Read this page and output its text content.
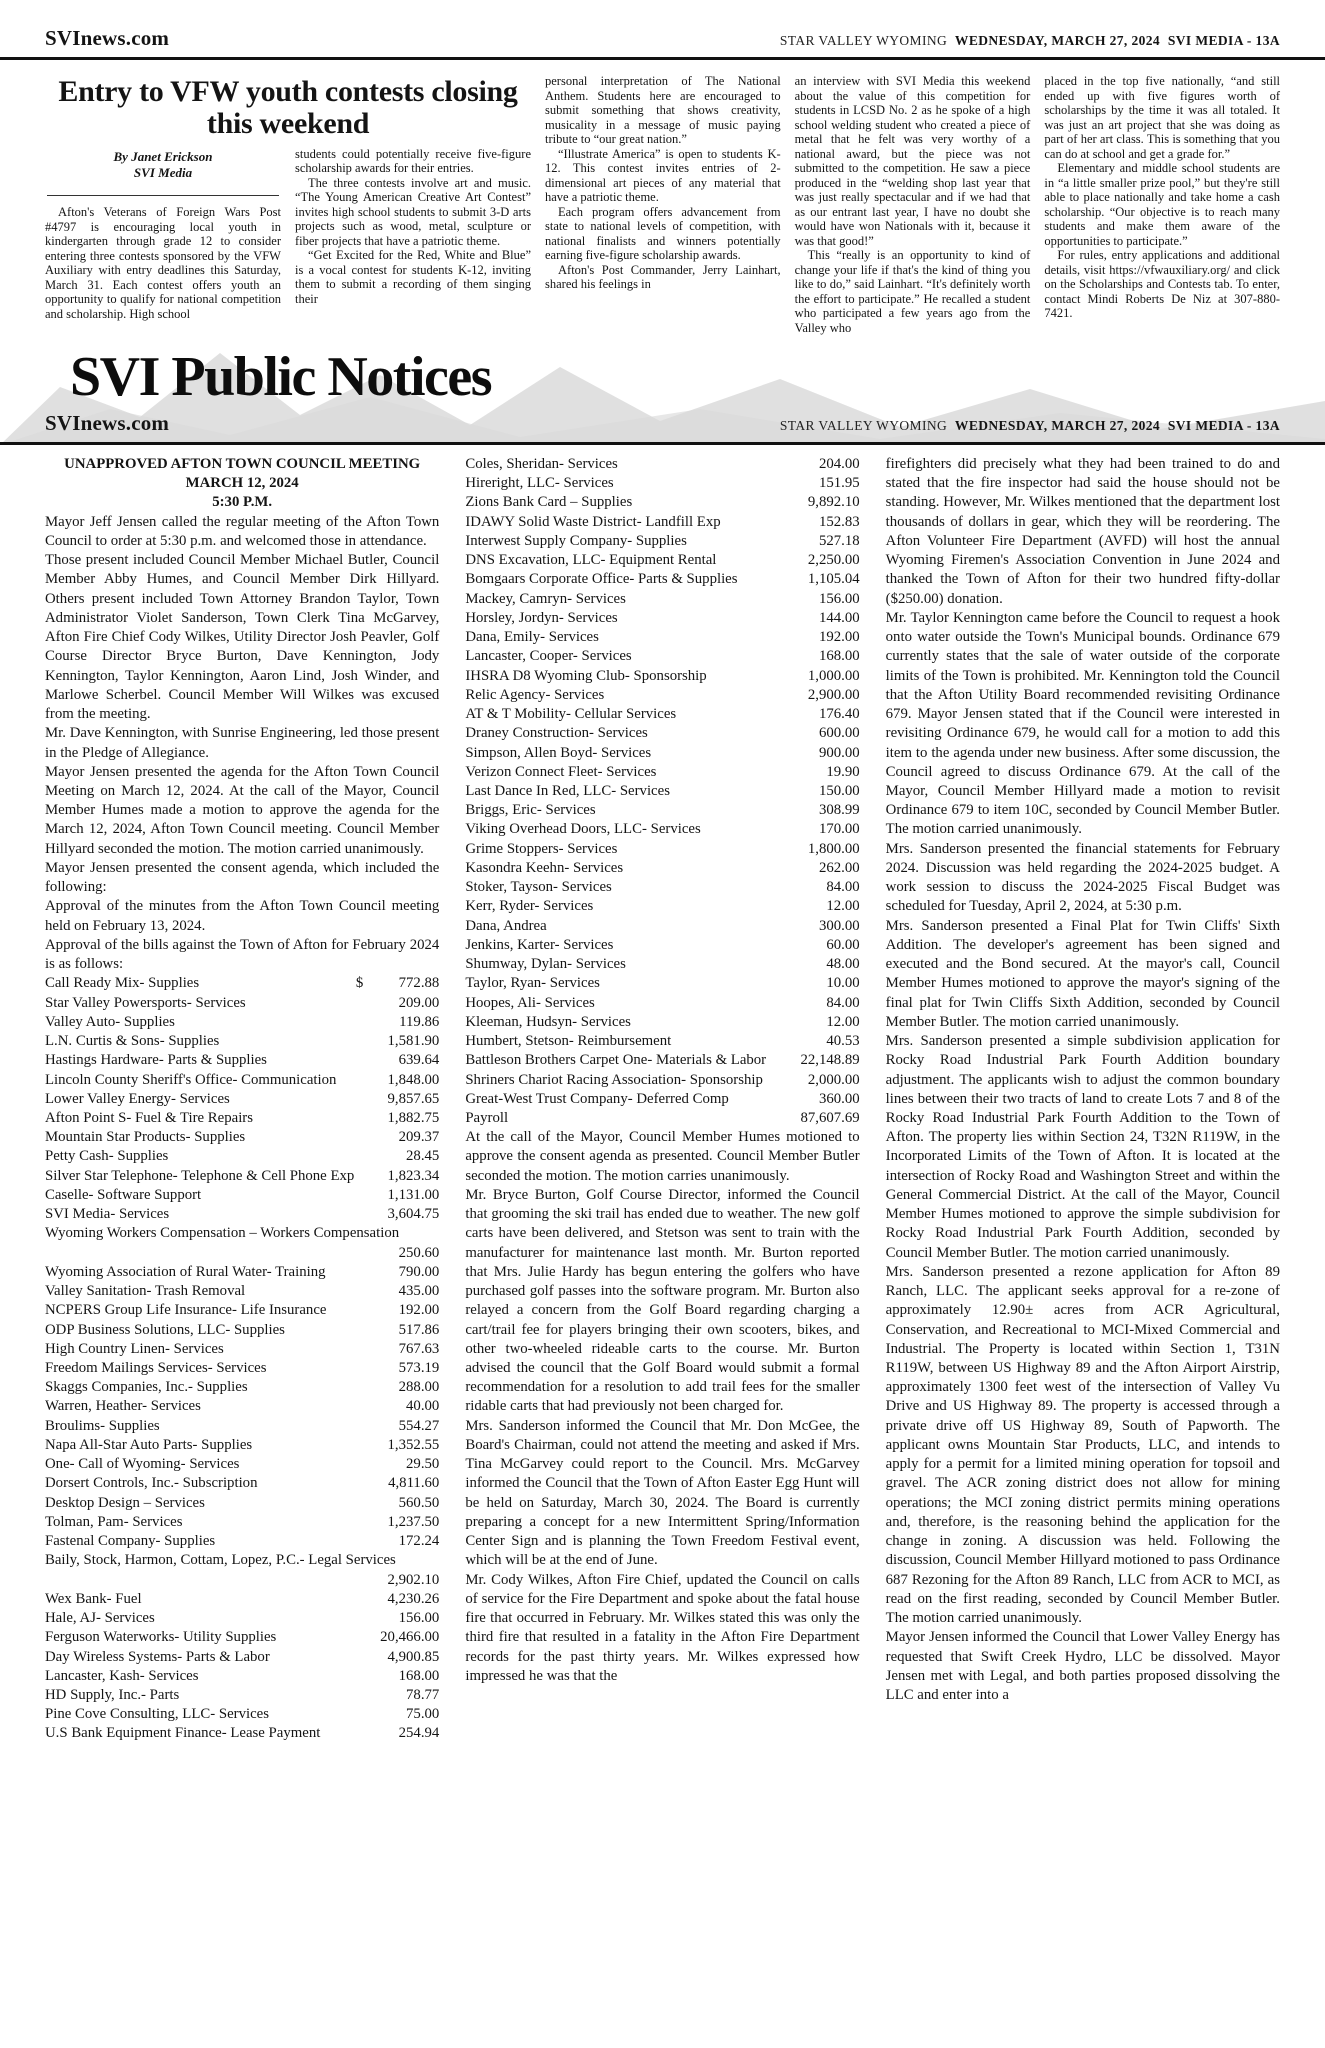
SVInews.com	STAR VALLEY WYOMING WEDNESDAY, MARCH 27, 2024 SVI MEDIA - 13A
Entry to VFW youth contests closing this weekend
By Janet Erickson
SVI Media

Afton's Veterans of Foreign Wars Post #4797 is encouraging local youth in kindergarten through grade 12 to consider entering three contests sponsored by the VFW Auxiliary with entry deadlines this Saturday, March 31. Each contest offers youth an opportunity to qualify for national competition and scholarship. High school

students could potentially receive five-figure scholarship awards for their entries.

The three contests involve art and music. “The Young American Creative Art Contest” invites high school students to submit 3-D arts projects such as wood, metal, sculpture or fiber projects that have a patriotic theme.

“Get Excited for the Red, White and Blue” is a vocal contest for students K-12, inviting them to submit a recording of them singing their

personal interpretation of The National Anthem. Students here are encouraged to submit something that shows creativity, musicality in a message of music paying tribute to “our great nation.”

“Illustrate America” is open to students K-12. This contest invites entries of 2-dimensional art pieces of any material that have a patriotic theme.

Each program offers advancement from state to national levels of competition, with national finalists and winners potentially earning five-figure scholarship awards.

Afton's Post Commander, Jerry Lainhart, shared his feelings in

an interview with SVI Media this weekend about the value of this competition for students in LCSD No. 2 as he spoke of a high school welding student who created a piece of metal that he felt was very worthy of a national award, but the piece was not submitted to the competition. He saw a piece produced in the “welding shop last year that was just really spectacular and if we had that as our entrant last year, I have no doubt she would have won Nationals with it, because it was that good!”

This “really is an opportunity to kind of change your life if that's the kind of thing you like to do,” said Lainhart. “It's definitely worth the effort to participate.” He recalled a student who participated a few years ago from the Valley who

placed in the top five nationally, “and still ended up with five figures worth of scholarships by the time it was all totaled. It was just an art project that she was doing as part of her art class. This is something that you can do at school and get a grade for.”

Elementary and middle school students are in “a little smaller prize pool,” but they're still able to place nationally and take home a cash scholarship. “Our objective is to reach many students and make them aware of the opportunities to participate.”

For rules, entry applications and additional details, visit https://vfwauxiliary.org/ and click on the Scholarships and Contests tab. To enter, contact Mindi Roberts De Niz at 307-880-7421.

SVI Public Notices
SVInews.com	STAR VALLEY WYOMING WEDNESDAY, MARCH 27, 2024 SVI MEDIA - 13A
UNAPPROVED AFTON TOWN COUNCIL MEETING
MARCH 12, 2024
5:30 P.M.

Mayor Jeff Jensen called the regular meeting of the Afton Town Council to order at 5:30 p.m. and welcomed those in attendance.

Those present included Council Member Michael Butler, Council Member Abby Humes, and Council Member Dirk Hillyard. Others present included Town Attorney Brandon Taylor, Town Administrator Violet Sanderson, Town Clerk Tina McGarvey, Afton Fire Chief Cody Wilkes, Utility Director Josh Peavler, Golf Course Director Bryce Burton, Dave Kennington, Jody Kennington, Taylor Kennington, Aaron Lind, Josh Winder, and Marlowe Scherbel. Council Member Will Wilkes was excused from the meeting.

Mr. Dave Kennington, with Sunrise Engineering, led those present in the Pledge of Allegiance.

Mayor Jensen presented the agenda for the Afton Town Council Meeting on March 12, 2024. At the call of the Mayor, Council Member Humes made a motion to approve the agenda for the March 12, 2024, Afton Town Council meeting. Council Member Hillyard seconded the motion. The motion carried unanimously.

Mayor Jensen presented the consent agenda, which included the following:

Approval of the minutes from the Afton Town Council meeting held on February 13, 2024.

Approval of the bills against the Town of Afton for February 2024 is as follows:

Call Ready Mix- Supplies	$	772.88
Star Valley Powersports- Services	209.00
Valley Auto- Supplies	119.86
L.N. Curtis & Sons- Supplies	1,581.90
Hastings Hardware- Parts & Supplies	639.64
Lincoln County Sheriff's Office- Communication	1,848.00
Lower Valley Energy- Services	9,857.65
Afton Point S- Fuel & Tire Repairs	1,882.75
Mountain Star Products- Supplies	209.37
Petty Cash- Supplies	28.45
Silver Star Telephone- Telephone & Cell Phone Exp	1,823.34
Caselle- Software Support	1,131.00
SVI Media- Services	3,604.75
Wyoming Workers Compensation – Workers Compensation
250.60
Wyoming Association of Rural Water- Training	790.00
Valley Sanitation- Trash Removal	435.00
NCPERS Group Life Insurance- Life Insurance	192.00
ODP Business Solutions, LLC- Supplies	517.86
High Country Linen- Services	767.63
Freedom Mailings Services- Services	573.19
Skaggs Companies, Inc.- Supplies	288.00
Warren, Heather- Services	40.00
Broulims- Supplies	554.27
Napa All-Star Auto Parts- Supplies	1,352.55
One- Call of Wyoming- Services	29.50
Dorsert Controls, Inc.- Subscription	4,811.60
Desktop Design – Services	560.50
Tolman, Pam- Services	1,237.50
Fastenal Company- Supplies	172.24
Baily, Stock, Harmon, Cottam, Lopez, P.C.- Legal Services
2,902.10
Wex Bank- Fuel	4,230.26
Hale, AJ- Services	156.00
Ferguson Waterworks- Utility Supplies	20,466.00
Day Wireless Systems- Parts & Labor	4,900.85
Lancaster, Kash- Services	168.00
HD Supply, Inc.- Parts	78.77
Pine Cove Consulting, LLC- Services	75.00
U.S Bank Equipment Finance- Lease Payment	254.94
Coles, Sheridan- Services	204.00
Hireright, LLC- Services	151.95
Zions Bank Card – Supplies	9,892.10
IDAWY Solid Waste District- Landfill Exp	152.83
Interwest Supply Company- Supplies	527.18
DNS Excavation, LLC- Equipment Rental	2,250.00
Bomgaars Corporate Office- Parts & Supplies	1,105.04
Mackey, Camryn- Services	156.00
Horsley, Jordyn- Services	144.00
Dana, Emily- Services	192.00
Lancaster, Cooper- Services	168.00
IHSRA D8 Wyoming Club- Sponsorship	1,000.00
Relic Agency- Services	2,900.00
AT & T Mobility- Cellular Services	176.40
Draney Construction- Services	600.00
Simpson, Allen Boyd- Services	900.00
Verizon Connect Fleet- Services	19.90
Last Dance In Red, LLC- Services	150.00
Briggs, Eric- Services	308.99
Viking Overhead Doors, LLC- Services	170.00
Grime Stoppers- Services	1,800.00
Kasondra Keehn- Services	262.00
Stoker, Tayson- Services	84.00
Kerr, Ryder- Services	12.00
Dana, Andrea	300.00
Jenkins, Karter- Services	60.00
Shumway, Dylan- Services	48.00
Taylor, Ryan- Services	10.00
Hoopes, Ali- Services	84.00
Kleeman, Hudsyn- Services	12.00
Humbert, Stetson- Reimbursement	40.53
Battleson Brothers Carpet One- Materials & Labor	22,148.89
Shriners Chariot Racing Association- Sponsorship	2,000.00
Great-West Trust Company- Deferred Comp	360.00
Payroll	87,607.69

At the call of the Mayor, Council Member Humes motioned to approve the consent agenda as presented. Council Member Butler seconded the motion. The motion carries unanimously.

Mr. Bryce Burton, Golf Course Director, informed the Council that grooming the ski trail has ended due to weather. The new golf carts have been delivered, and Stetson was sent to train with the manufacturer for maintenance last month. Mr. Burton reported that Mrs. Julie Hardy has begun entering the golfers who have purchased golf passes into the software program. Mr. Burton also relayed a concern from the Golf Board regarding charging a cart/trail fee for players bringing their own scooters, bikes, and other two-wheeled rideable carts to the course. Mr. Burton advised the council that the Golf Board would submit a formal recommendation for a resolution to add trail fees for the smaller ridable carts that had previously not been charged for.

Mrs. Sanderson informed the Council that Mr. Don McGee, the Board's Chairman, could not attend the meeting and asked if Mrs. Tina McGarvey could report to the Council. Mrs. McGarvey informed the Council that the Town of Afton Easter Egg Hunt will be held on Saturday, March 30, 2024. The Board is currently preparing a concept for a new Intermittent Spring/Information Center Sign and is planning the Town Freedom Festival event, which will be at the end of June.

Mr. Cody Wilkes, Afton Fire Chief, updated the Council on calls of service for the Fire Department and spoke about the fatal house fire that occurred in February. Mr. Wilkes stated this was only the third fire that resulted in a fatality in the Afton Fire Department records for the past thirty years. Mr. Wilkes expressed how impressed he was that the

firefighters did precisely what they had been trained to do and stated that the fire inspector had said the house should not be standing. However, Mr. Wilkes mentioned that the department lost thousands of dollars in gear, which they will be reordering. The Afton Volunteer Fire Department (AVFD) will host the annual Wyoming Firemen's Association Convention in June 2024 and thanked the Town of Afton for their two hundred fifty-dollar ($250.00) donation.

Mr. Taylor Kennington came before the Council to request a hook onto water outside the Town's Municipal bounds. Ordinance 679 currently states that the sale of water outside of the corporate limits of the Town is prohibited. Mr. Kennington told the Council that the Afton Utility Board recommended revisiting Ordinance 679. Mayor Jensen stated that if the Council were interested in revisiting Ordinance 679, he would call for a motion to add this item to the agenda under new business. After some discussion, the Council agreed to discuss Ordinance 679. At the call of the Mayor, Council Member Hillyard made a motion to revisit Ordinance 679 to item 10C, seconded by Council Member Butler. The motion carried unanimously.

Mrs. Sanderson presented the financial statements for February 2024. Discussion was held regarding the 2024-2025 budget. A work session to discuss the 2024-2025 Fiscal Budget was scheduled for Tuesday, April 2, 2024, at 5:30 p.m.

Mrs. Sanderson presented a Final Plat for Twin Cliffs' Sixth Addition. The developer's agreement has been signed and executed and the Bond secured. At the mayor's call, Council Member Humes motioned to approve the mayor's signing of the final plat for Twin Cliffs Sixth Addition, seconded by Council Member Butler. The motion carried unanimously.

Mrs. Sanderson presented a simple subdivision application for Rocky Road Industrial Park Fourth Addition boundary adjustment. The applicants wish to adjust the common boundary lines between their two tracts of land to create Lots 7 and 8 of the Rocky Road Industrial Park Fourth Addition to the Town of Afton. The property lies within Section 24, T32N R119W, in the Incorporated Limits of the Town of Afton. It is located at the intersection of Rocky Road and Washington Street and within the General Commercial District. At the call of the Mayor, Council Member Humes motioned to approve the simple subdivision for Rocky Road Industrial Park Fourth Addition, seconded by Council Member Butler. The motion carried unanimously.

Mrs. Sanderson presented a rezone application for Afton 89 Ranch, LLC. The applicant seeks approval for a re-zone of approximately 12.90± acres from ACR Agricultural, Conservation, and Recreational to MCI-Mixed Commercial and Industrial. The Property is located within Section 1, T31N R119W, between US Highway 89 and the Afton Airport Airstrip, approximately 1300 feet west of the intersection of Valley Vu Drive and US Highway 89. The property is accessed through a private drive off US Highway 89, South of Papworth. The applicant owns Mountain Star Products, LLC, and intends to apply for a permit for a limited mining operation for topsoil and gravel. The ACR zoning district does not allow for mining operations; the MCI zoning district permits mining operations and, therefore, is the reasoning behind the application for the change in zoning. A discussion was held. Following the discussion, Council Member Hillyard motioned to pass Ordinance 687 Rezoning for the Afton 89 Ranch, LLC from ACR to MCI, as read on the first reading, seconded by Council Member Butler. The motion carried unanimously.

Mayor Jensen informed the Council that Lower Valley Energy has requested that Swift Creek Hydro, LLC be dissolved. Mayor Jensen met with Legal, and both parties proposed dissolving the LLC and enter into a
